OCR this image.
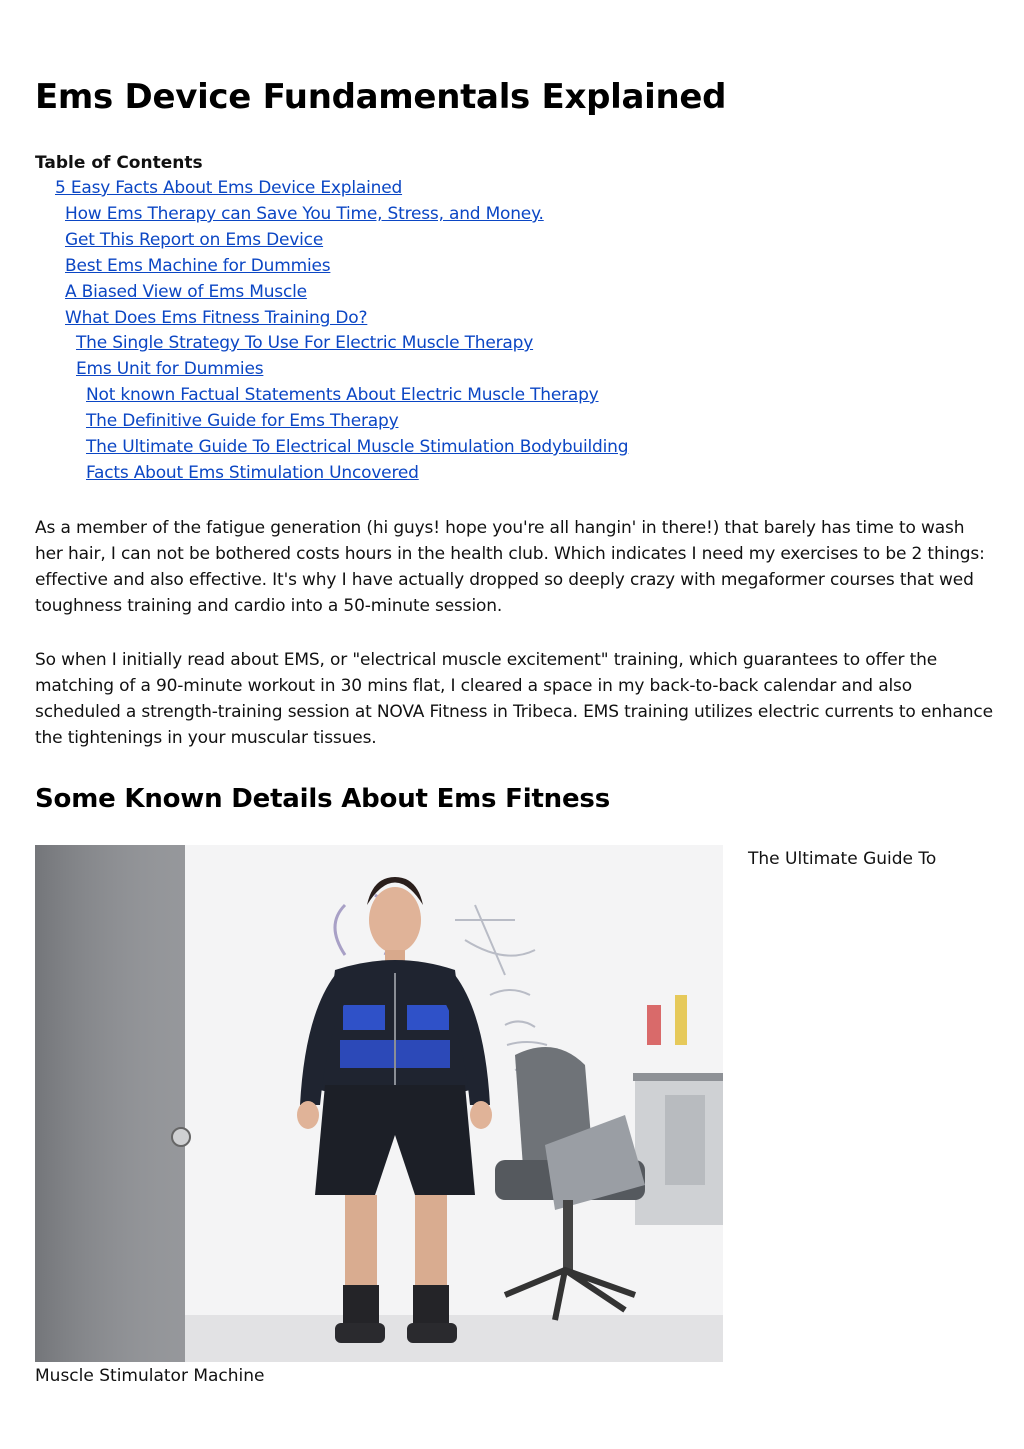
Ems Device Fundamentals Explained
Table of Contents
5 Easy Facts About Ems Device Explained
How Ems Therapy can Save You Time, Stress, and Money.
Get This Report on Ems Device
Best Ems Machine for Dummies
A Biased View of Ems Muscle
What Does Ems Fitness Training Do?
The Single Strategy To Use For Electric Muscle Therapy
Ems Unit for Dummies
Not known Factual Statements About Electric Muscle Therapy
The Definitive Guide for Ems Therapy
The Ultimate Guide To Electrical Muscle Stimulation Bodybuilding
Facts About Ems Stimulation Uncovered

As a member of the fatigue generation (hi guys! hope you're all hangin' in there!) that barely has time to wash her hair, I can not be bothered costs hours in the health club. Which indicates I need my exercises to be 2 things: effective and also effective. It's why I have actually dropped so deeply crazy with megaformer courses that wed toughness training and cardio into a 50-minute session.

So when I initially read about EMS, or "electrical muscle excitement" training, which guarantees to offer the matching of a 90-minute workout in 30 mins flat, I cleared a space in my back-to-back calendar and also scheduled a strength-training session at NOVA Fitness in Tribeca. EMS training utilizes electric currents to enhance the tightenings in your muscular tissues.

Some Known Details About Ems Fitness

The Ultimate Guide To

Muscle Stimulator Machine
